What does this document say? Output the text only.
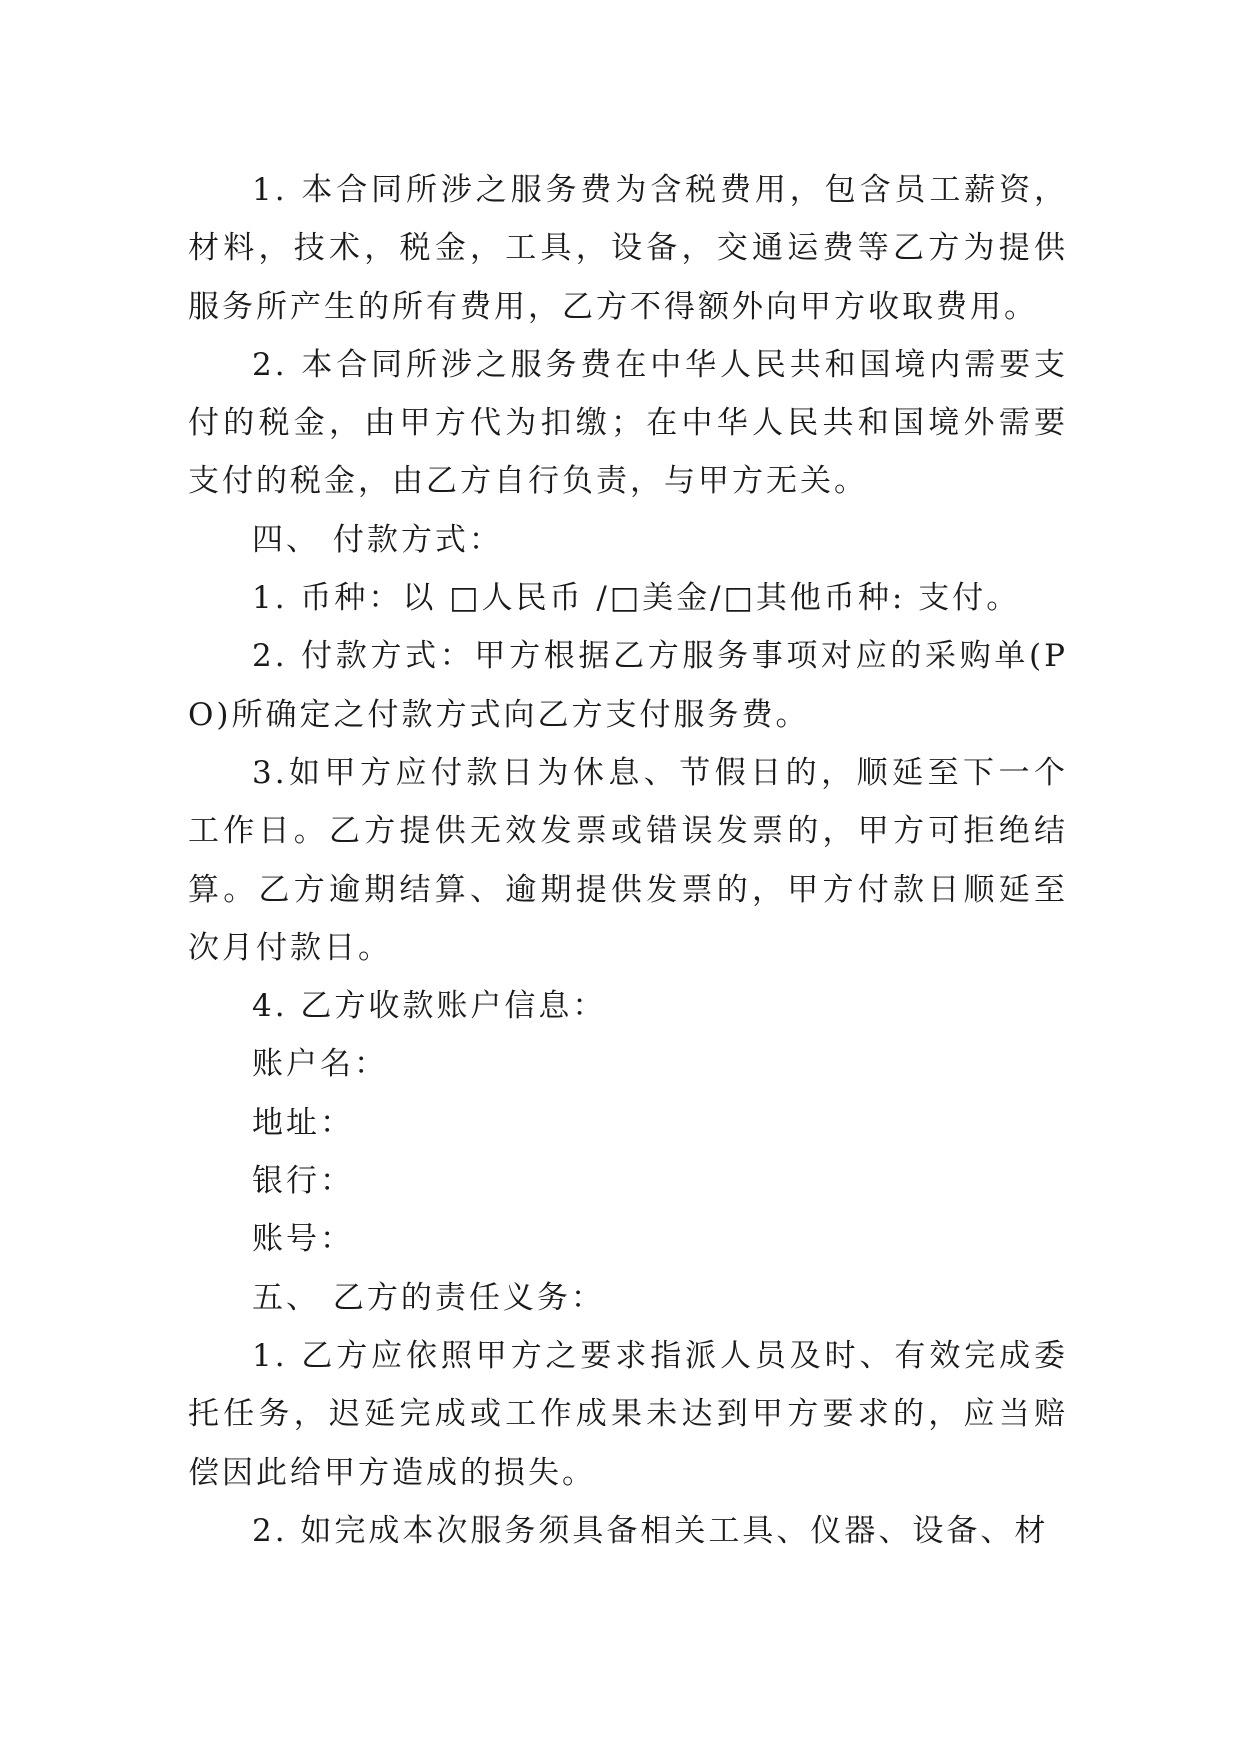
1. 本合同所涉之服务费为含税费用，包含员工薪资，材料，技术，税金，工具，设备，交通运费等乙方为提供服务所产生的所有费用，乙方不得额外向甲方收取费用。

2. 本合同所涉之服务费在中华人民共和国境内需要支付的税金，由甲方代为扣缴；在中华人民共和国境外需要支付的税金，由乙方自行负责，与甲方无关。

四、 付款方式：

1. 币种：以 □人民币 /□美金/□其他币种: 支付。

2. 付款方式：甲方根据乙方服务事项对应的采购单(PO)所确定之付款方式向乙方支付服务费。

3.如甲方应付款日为休息、节假日的，顺延至下一个工作日。乙方提供无效发票或错误发票的，甲方可拒绝结算。乙方逾期结算、逾期提供发票的，甲方付款日顺延至次月付款日。

4. 乙方收款账户信息：

账户名：

地址：

银行：

账号：

五、 乙方的责任义务：

1. 乙方应依照甲方之要求指派人员及时、有效完成委托任务，迟延完成或工作成果未达到甲方要求的，应当赔偿因此给甲方造成的损失。

2. 如完成本次服务须具备相关工具、仪器、设备、材
